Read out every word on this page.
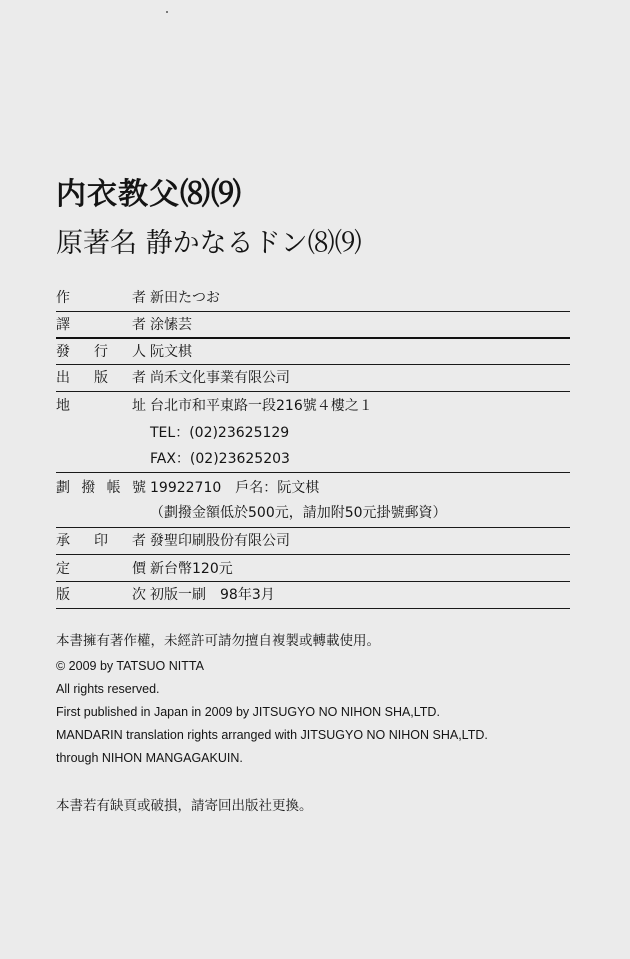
内衣教父⑻⑼
原著名 静かなるドン⑻⑼
作　者 新田たつお
譯　者 涂愫芸
發行人 阮文棋
出版者 尚禾文化事業有限公司
地　址 台北市和平東路一段216號４樓之１
TEL：(02)23625129
FAX：(02)23625203
劃撥帳號 19922710　戶名：阮文棋
（劃撥金額低於500元，請加附50元掛號郵資）
承印者 發聖印刷股份有限公司
定　價 新台幣120元
版　次 初版一刷　98年3月
本書擁有著作權，未經許可請勿擅自複製或轉載使用。
© 2009 by TATSUO NITTA
All rights reserved.
First published in Japan in 2009 by JITSUGYO NO NIHON SHA,LTD.
MANDARIN translation rights arranged with JITSUGYO NO NIHON SHA,LTD.
through NIHON MANGAGAKUIN.
本書若有缺頁或破損，請寄回出版社更換。
